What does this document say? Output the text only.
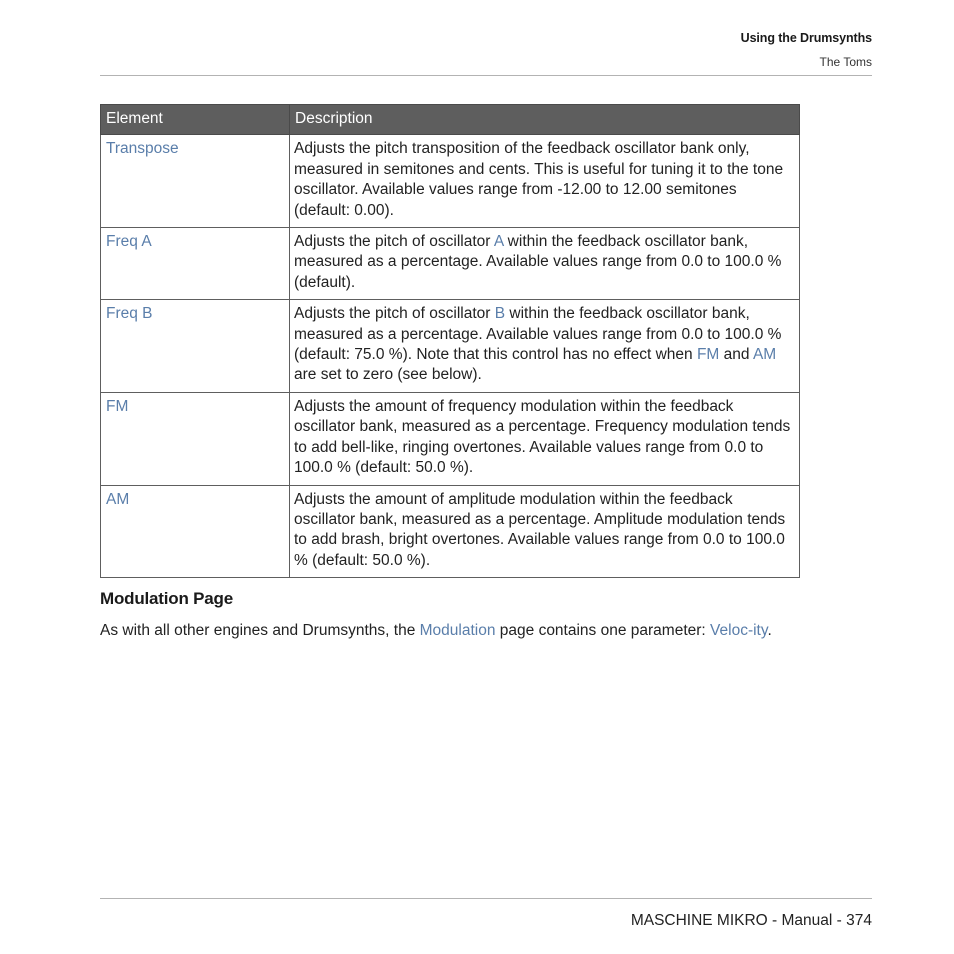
Using the Drumsynths
The Toms
Element	Description
Transpose	Adjusts the pitch transposition of the feedback oscillator bank only, measured in semitones and cents. This is useful for tuning it to the tone oscillator. Available values range from -12.00 to 12.00 semitones (default: 0.00).
Freq A	Adjusts the pitch of oscillator A within the feedback oscillator bank, measured as a percentage. Available values range from 0.0 to 100.0 % (default).
Freq B	Adjusts the pitch of oscillator B within the feedback oscillator bank, measured as a percentage. Available values range from 0.0 to 100.0 % (default: 75.0 %). Note that this control has no effect when FM and AM are set to zero (see below).
FM	Adjusts the amount of frequency modulation within the feedback oscillator bank, measured as a percentage. Frequency modulation tends to add bell-like, ringing overtones. Available values range from 0.0 to 100.0 % (default: 50.0 %).
AM	Adjusts the amount of amplitude modulation within the feedback oscillator bank, measured as a percentage. Amplitude modulation tends to add brash, bright overtones. Available values range from 0.0 to 100.0 % (default: 50.0 %).
Modulation Page

As with all other engines and Drumsynths, the Modulation page contains one parameter: Veloc-ity.

MASCHINE MIKRO - Manual - 374
